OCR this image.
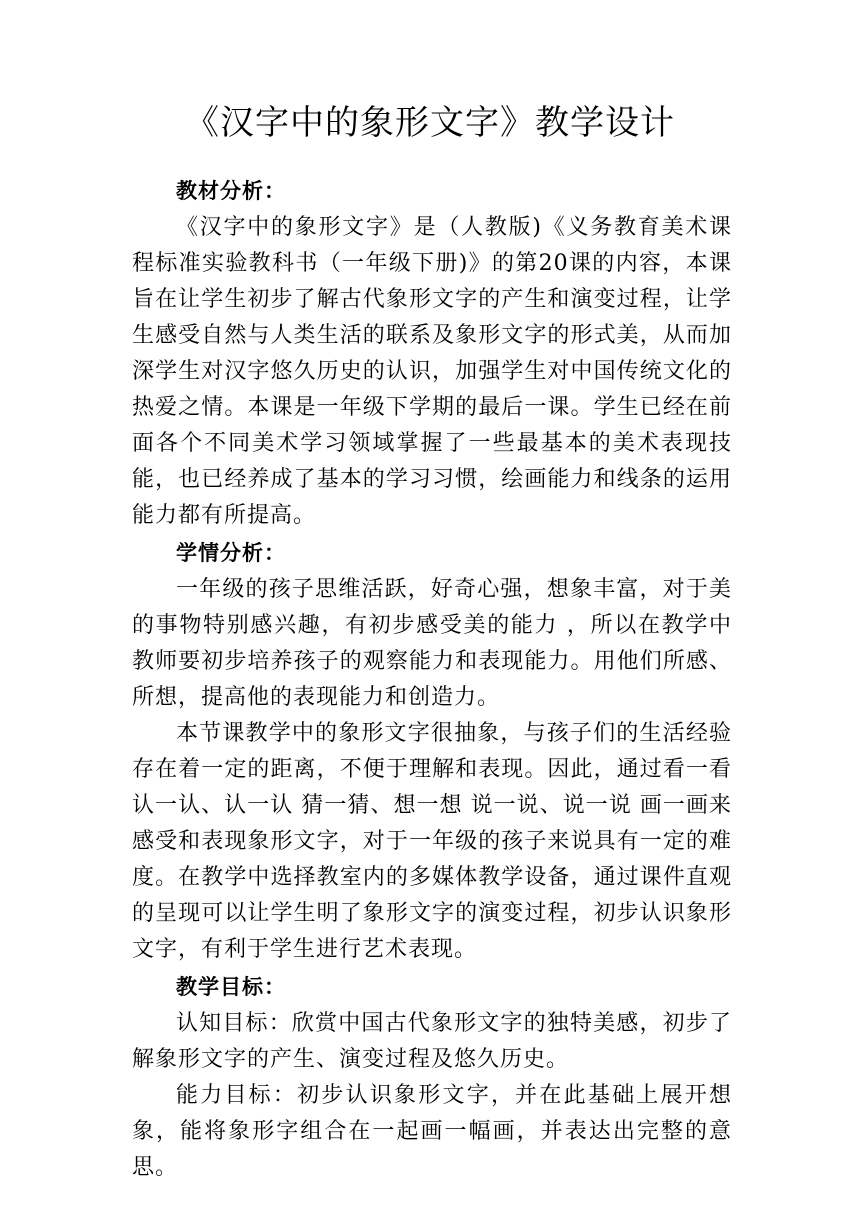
《汉字中的象形文字》教学设计

教材分析：

《汉字中的象形文字》是（人教版)《义务教育美术课程标准实验教科书（一年级下册)》的第20课的内容，本课旨在让学生初步了解古代象形文字的产生和演变过程，让学生感受自然与人类生活的联系及象形文字的形式美，从而加深学生对汉字悠久历史的认识，加强学生对中国传统文化的热爱之情。本课是一年级下学期的最后一课。学生已经在前面各个不同美术学习领域掌握了一些最基本的美术表现技能，也已经养成了基本的学习习惯，绘画能力和线条的运用能力都有所提高。

学情分析：

一年级的孩子思维活跃，好奇心强，想象丰富，对于美的事物特别感兴趣，有初步感受美的能力 ，所以在教学中教师要初步培养孩子的观察能力和表现能力。用他们所感、所想，提高他的表现能力和创造力。

本节课教学中的象形文字很抽象，与孩子们的生活经验存在着一定的距离，不便于理解和表现。因此，通过看一看认一认、认一认 猜一猜、想一想 说一说、说一说 画一画来感受和表现象形文字，对于一年级的孩子来说具有一定的难度。在教学中选择教室内的多媒体教学设备，通过课件直观的呈现可以让学生明了象形文字的演变过程，初步认识象形文字，有利于学生进行艺术表现。

教学目标：

认知目标：欣赏中国古代象形文字的独特美感，初步了解象形文字的产生、演变过程及悠久历史。

能力目标：初步认识象形文字，并在此基础上展开想象，能将象形字组合在一起画一幅画，并表达出完整的意思。
